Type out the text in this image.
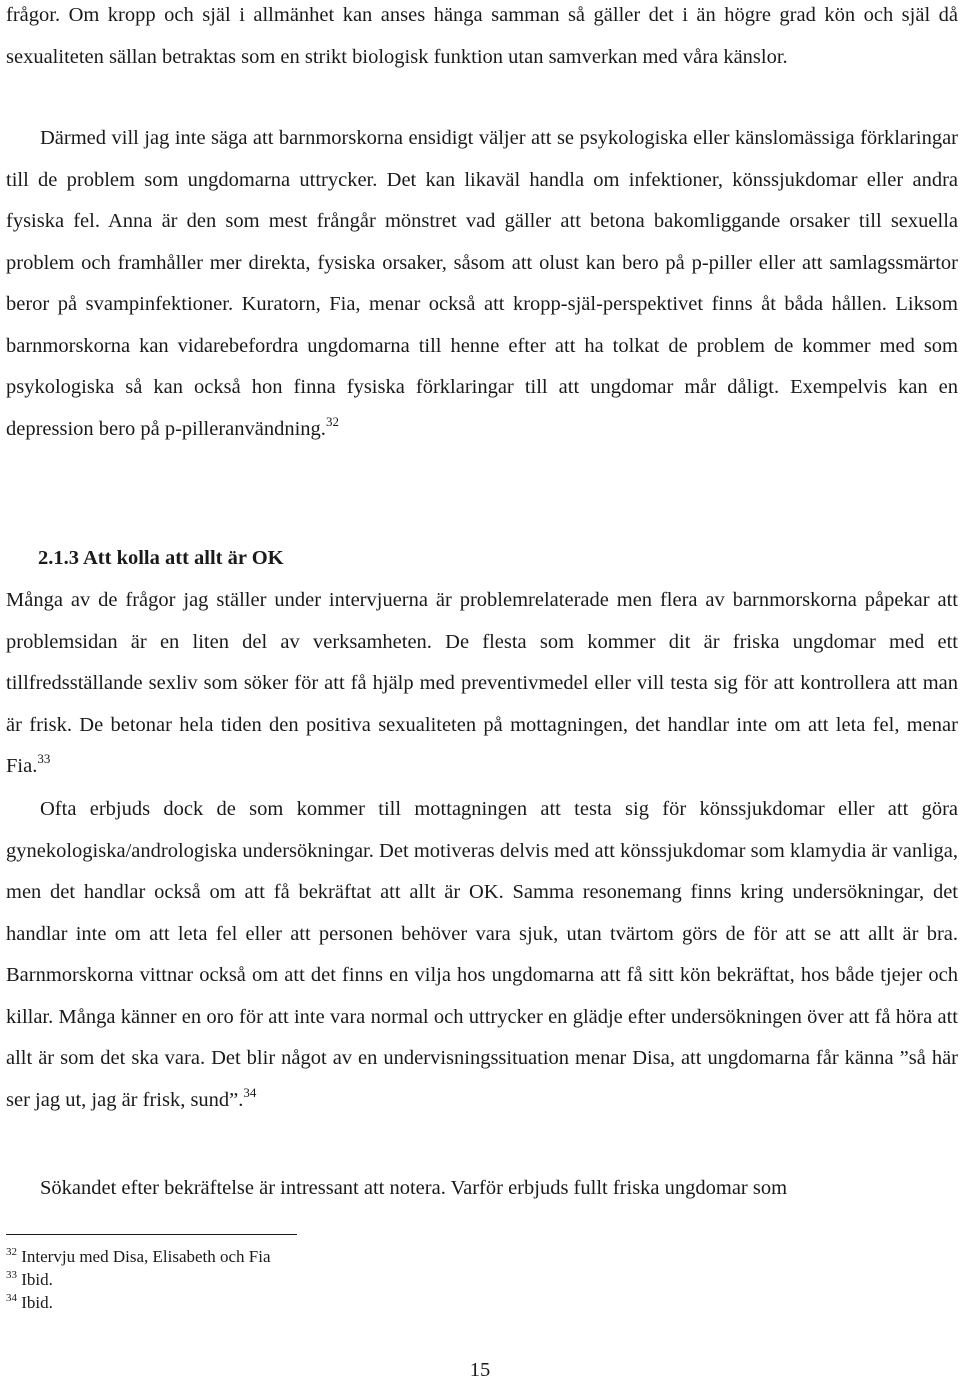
frågor. Om kropp och själ i allmänhet kan anses hänga samman så gäller det i än högre grad kön och själ då sexualiteten sällan betraktas som en strikt biologisk funktion utan samverkan med våra känslor.

Därmed vill jag inte säga att barnmorskorna ensidigt väljer att se psykologiska eller känslomässiga förklaringar till de problem som ungdomarna uttrycker. Det kan likaväl handla om infektioner, könssjukdomar eller andra fysiska fel. Anna är den som mest frångår mönstret vad gäller att betona bakomliggande orsaker till sexuella problem och framhåller mer direkta, fysiska orsaker, såsom att olust kan bero på p-piller eller att samlagssmärtor beror på svampinfektioner. Kuratorn, Fia, menar också att kropp-själ-perspektivet finns åt båda hållen. Liksom barnmorskorna kan vidarebefordra ungdomarna till henne efter att ha tolkat de problem de kommer med som psykologiska så kan också hon finna fysiska förklaringar till att ungdomar mår dåligt. Exempelvis kan en depression bero på p-pilleranvändning.$^{32}$

2.1.3 Att kolla att allt är OK

Många av de frågor jag ställer under intervjuerna är problemrelaterade men flera av barnmorskorna påpekar att problemsidan är en liten del av verksamheten. De flesta som kommer dit är friska ungdomar med ett tillfredsställande sexliv som söker för att få hjälp med preventivmedel eller vill testa sig för att kontrollera att man är frisk. De betonar hela tiden den positiva sexualiteten på mottagningen, det handlar inte om att leta fel, menar Fia.$^{33}$

Ofta erbjuds dock de som kommer till mottagningen att testa sig för könssjukdomar eller att göra gynekologiska/andrologiska undersökningar. Det motiveras delvis med att könssjukdomar som klamydia är vanliga, men det handlar också om att få bekräftat att allt är OK. Samma resonemang finns kring undersökningar, det handlar inte om att leta fel eller att personen behöver vara sjuk, utan tvärtom görs de för att se att allt är bra. Barnmorskorna vittnar också om att det finns en vilja hos ungdomarna att få sitt kön bekräftat, hos både tjejer och killar. Många känner en oro för att inte vara normal och uttrycker en glädje efter undersökningen över att få höra att allt är som det ska vara. Det blir något av en undervisningssituation menar Disa, att ungdomarna får känna ”så här ser jag ut, jag är frisk, sund”.$^{34}$

Sökandet efter bekräftelse är intressant att notera. Varför erbjuds fullt friska ungdomar som

$^{32}$ Intervju med Disa, Elisabeth och Fia
$^{33}$ Ibid.
$^{34}$ Ibid.
15
